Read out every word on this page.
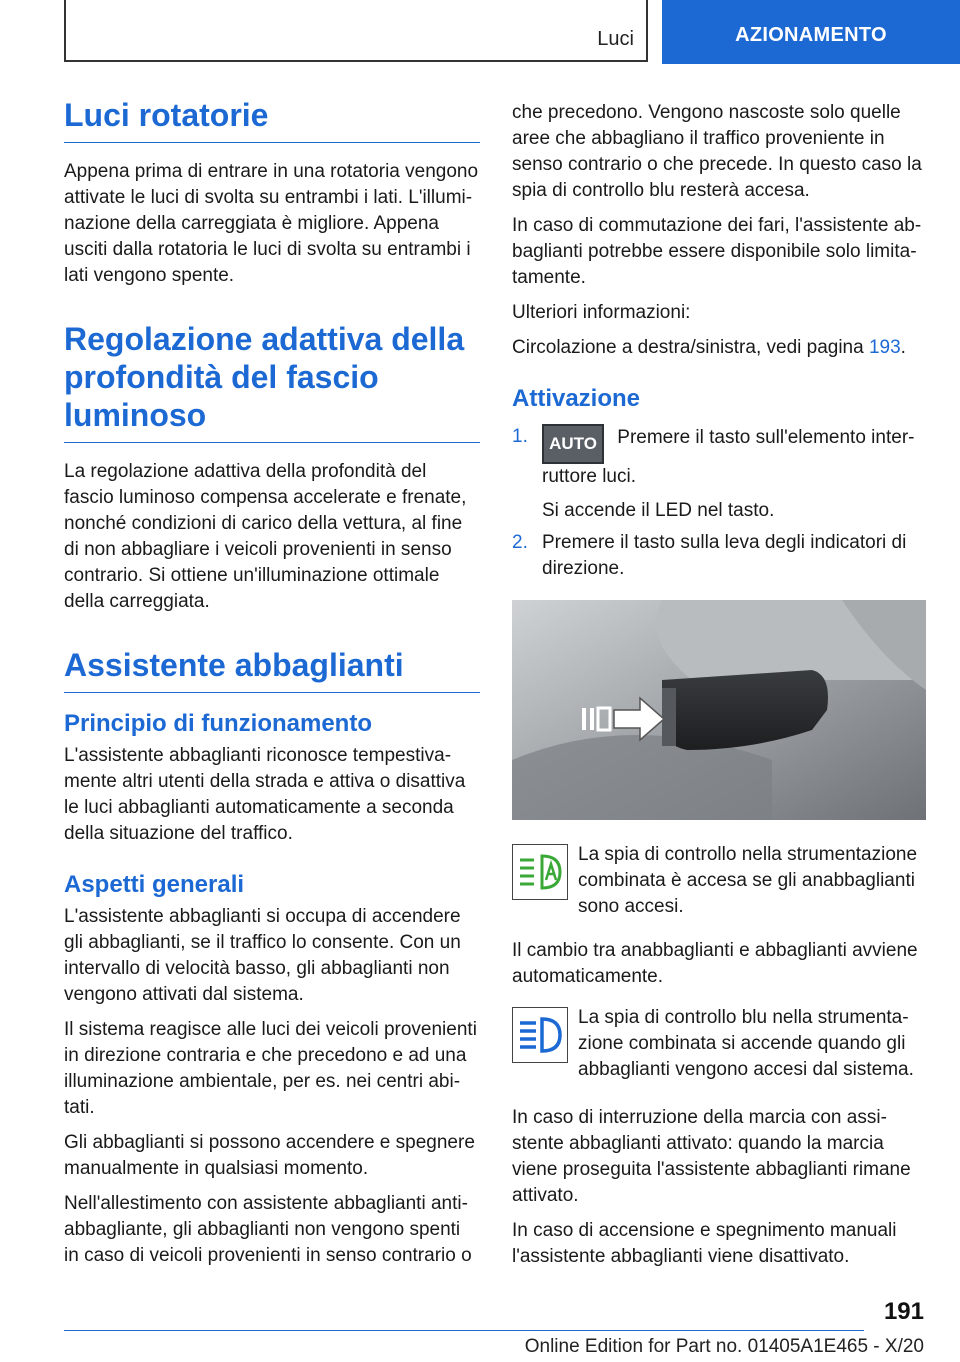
Luci	AZIONAMENTO
Luci rotatorie

Appena prima di entrare in una rotatoria vengono attivate le luci di svolta su entrambi i lati. L'illuminazione della carreggiata è migliore. Appena usciti dalla rotatoria le luci di svolta su entrambi i lati vengono spente.

Regolazione adattiva della profondità del fascio luminoso

La regolazione adattiva della profondità del fascio luminoso compensa accelerate e frenate, nonché condizioni di carico della vettura, al fine di non abbagliare i veicoli provenienti in senso contrario. Si ottiene un'illuminazione ottimale della carreggiata.

Assistente abbaglianti
Principio di funzionamento

L'assistente abbaglianti riconosce tempestivamente altri utenti della strada e attiva o disattiva le luci abbaglianti automaticamente a seconda della situazione del traffico.

Aspetti generali

L'assistente abbaglianti si occupa di accendere gli abbaglianti, se il traffico lo consente. Con un intervallo di velocità basso, gli abbaglianti non vengono attivati dal sistema.

Il sistema reagisce alle luci dei veicoli provenienti in direzione contraria e che precedono e ad una illuminazione ambientale, per es. nei centri abitati.

Gli abbaglianti si possono accendere e spegnere manualmente in qualsiasi momento.

Nell'allestimento con assistente abbaglianti antiabbagliante, gli abbaglianti non vengono spenti in caso di veicoli provenienti in senso contrario o

che precedono. Vengono nascoste solo quelle aree che abbagliano il traffico proveniente in senso contrario o che precede. In questo caso la spia di controllo blu resterà accesa.

In caso di commutazione dei fari, l'assistente abbaglianti potrebbe essere disponibile solo limitatamente.

Ulteriori informazioni:

Circolazione a destra/sinistra, vedi pagina 193.

Attivazione
1.	AUTO Premere il tasto sull'elemento interruttore luci.
Si accende il LED nel tasto.
2. Premere il tasto sulla leva degli indicatori di direzione.

La spia di controllo nella strumentazione combinata è accesa se gli anabbaglianti sono accesi.

Il cambio tra anabbaglianti e abbaglianti avviene automaticamente.

La spia di controllo blu nella strumentazione combinata si accende quando gli abbaglianti vengono accesi dal sistema.

In caso di interruzione della marcia con assistente abbaglianti attivato: quando la marcia viene proseguita l'assistente abbaglianti rimane attivato.

In caso di accensione e spegnimento manuali l'assistente abbaglianti viene disattivato.

191
Online Edition for Part no. 01405A1E465 - X/20
